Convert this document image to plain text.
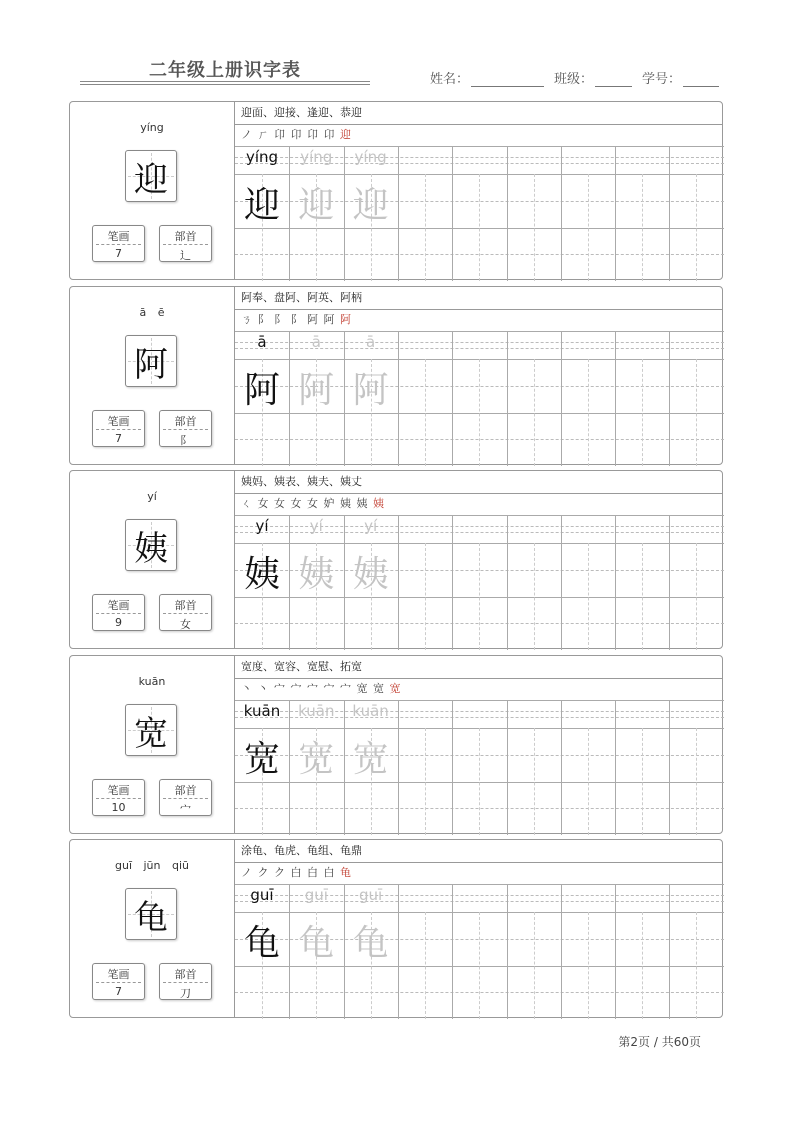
二年级上册识字表	姓名：	班级：	学号：
yíng
迎
笔画
7
部首
辶
迎面、迎接、逢迎、恭迎
ノ ㄏ 卬 卬 卬 卬 迎
yíng
迎
yíng
迎
yíng
迎
ā ē
阿
笔画
7
部首
阝
阿奉、盘阿、阿英、阿柄
ㄋ 阝 阝 阝 阿 阿 阿
ā
阿
ā
阿
ā
阿
yí
姨
笔画
9
部首
女
姨妈、姨表、姨夫、姨丈
ㄑ 女 女 女 女 妒 姨 姨 姨
yí
姨
yí
姨
yí
姨
kuān
宽
笔画
10
部首
宀
宽度、宽容、宽慰、拓宽
丶 丶 宀 宀 宀 宀 宀 宽 宽 宽
kuān
宽
kuān
宽
kuān
宽
guī jūn qiū
龟
笔画
7
部首
刀
涂龟、龟虎、龟组、龟鼎
ノ ク ク 白 白 白 龟
guī
龟
guī
龟
guī
龟
第2页 / 共60页
